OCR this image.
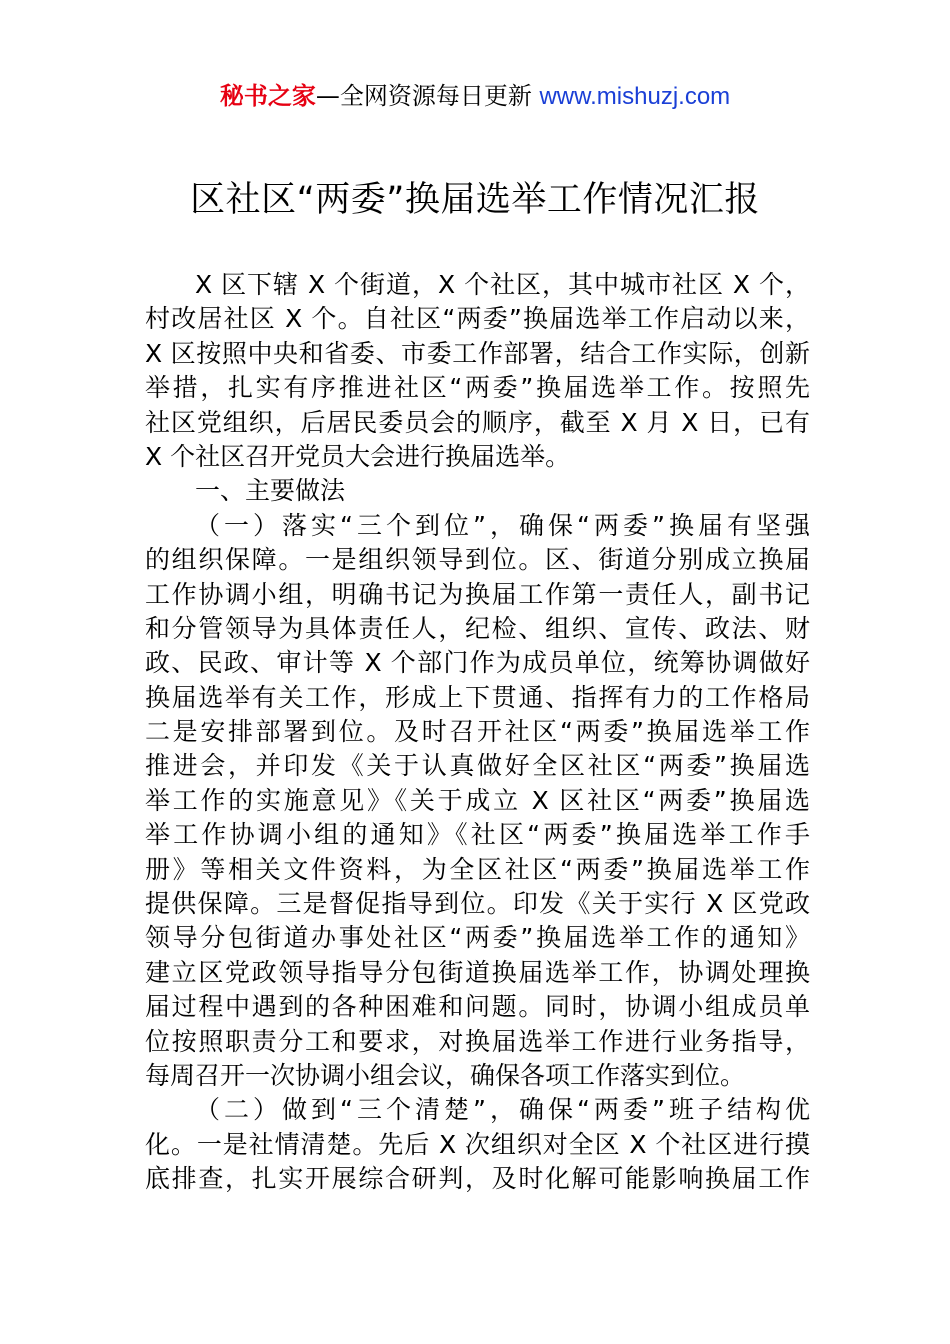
秘书之家—全网资源每日更新 www.mishuzj.com
区社区“两委”换届选举工作情况汇报
X 区下辖 X 个街道，X 个社区，其中城市社区 X 个，
村改居社区 X 个。自社区“两委”换届选举工作启动以来，
X 区按照中央和省委、市委工作部署，结合工作实际，创新
举措，扎实有序推进社区“两委”换届选举工作。按照先
社区党组织，后居民委员会的顺序，截至 X 月 X 日，已有
X 个社区召开党员大会进行换届选举。
一、主要做法
（一）落实“三个到位”，确保“两委”换届有坚强
的组织保障。一是组织领导到位。区、街道分别成立换届
工作协调小组，明确书记为换届工作第一责任人，副书记
和分管领导为具体责任人，纪检、组织、宣传、政法、财
政、民政、审计等 X 个部门作为成员单位，统筹协调做好
换届选举有关工作，形成上下贯通、指挥有力的工作格局
二是安排部署到位。及时召开社区“两委”换届选举工作
推进会，并印发《关于认真做好全区社区“两委”换届选
举工作的实施意见》《关于成立 X 区社区“两委”换届选
举工作协调小组的通知》《社区“两委”换届选举工作手
册》等相关文件资料，为全区社区“两委”换届选举工作
提供保障。三是督促指导到位。印发《关于实行 X 区党政
领导分包街道办事处社区“两委”换届选举工作的通知》
建立区党政领导指导分包街道换届选举工作，协调处理换
届过程中遇到的各种困难和问题。同时，协调小组成员单
位按照职责分工和要求，对换届选举工作进行业务指导，
每周召开一次协调小组会议，确保各项工作落实到位。
（二）做到“三个清楚”，确保“两委”班子结构优
化。一是社情清楚。先后 X 次组织对全区 X 个社区进行摸
底排查，扎实开展综合研判，及时化解可能影响换届工作
